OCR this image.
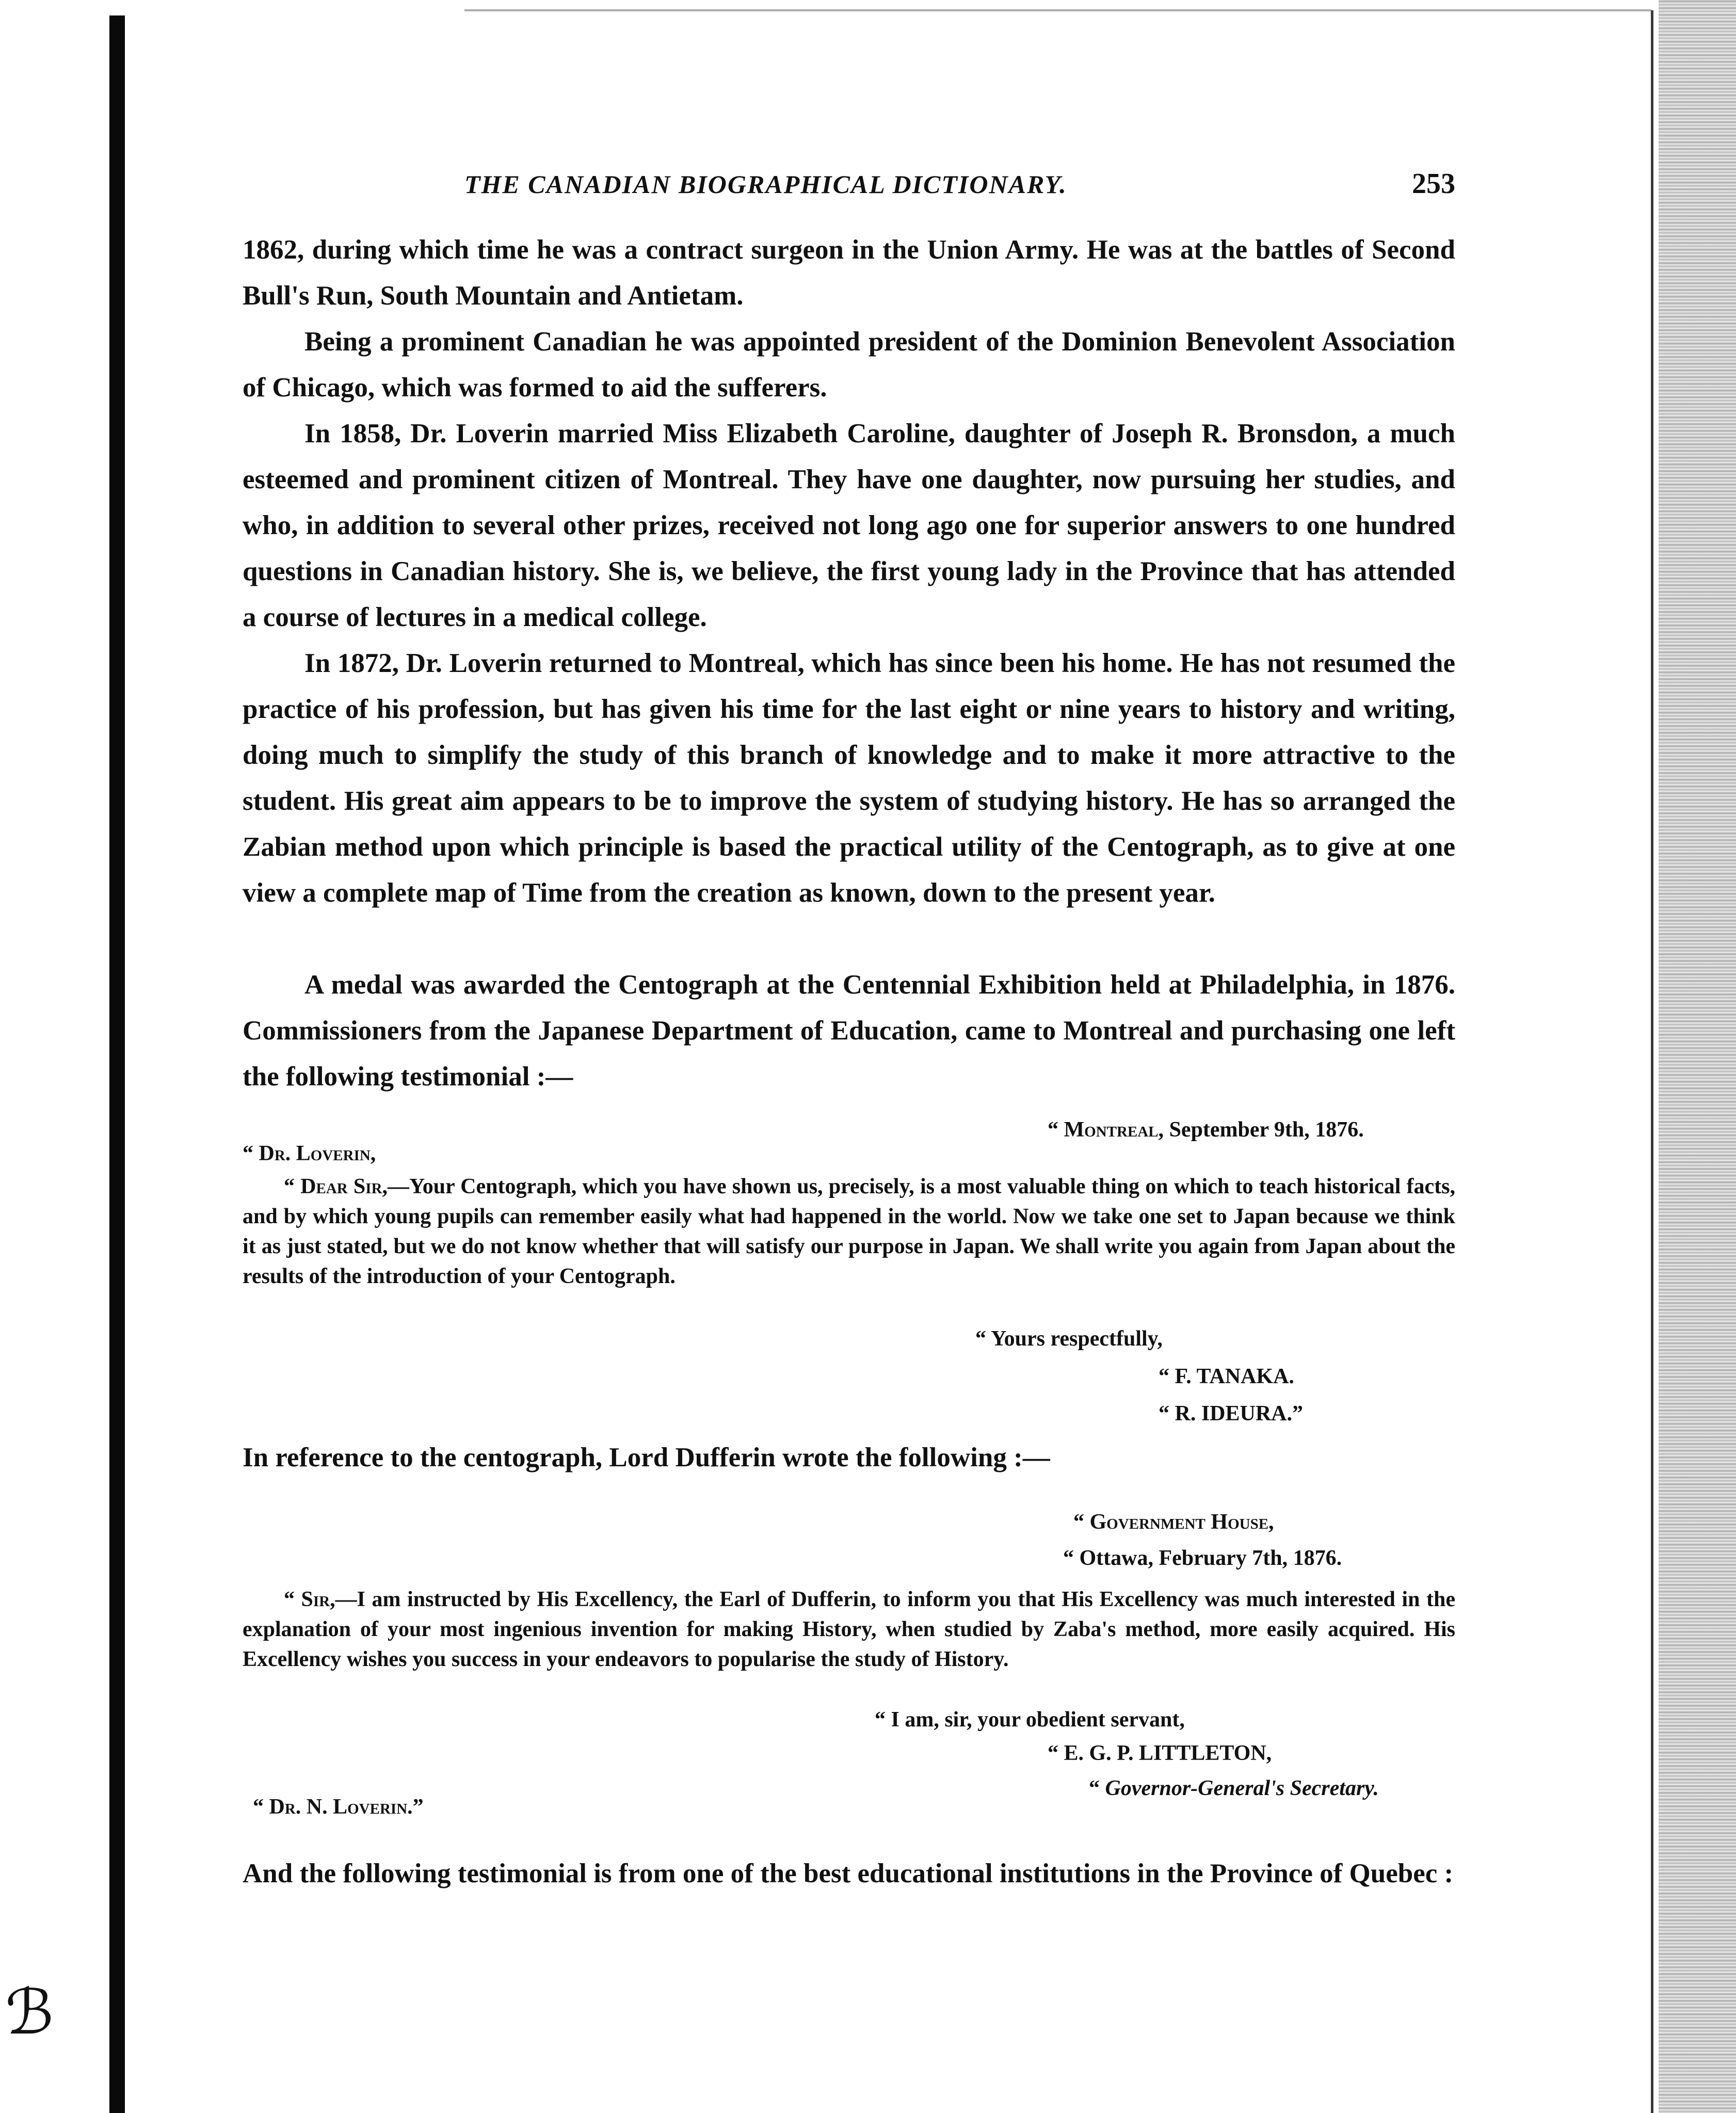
THE CANADIAN BIOGRAPHICAL DICTIONARY.	253
1862, during which time he was a contract surgeon in the Union Army. He was at the battles of Second Bull's Run, South Mountain and Antietam.
Being a prominent Canadian he was appointed president of the Dominion Benevolent Association of Chicago, which was formed to aid the sufferers.
In 1858, Dr. Loverin married Miss Elizabeth Caroline, daughter of Joseph R. Bronsdon, a much esteemed and prominent citizen of Montreal. They have one daughter, now pursuing her studies, and who, in addition to several other prizes, received not long ago one for superior answers to one hundred questions in Canadian history. She is, we believe, the first young lady in the Province that has attended a course of lectures in a medical college.
In 1872, Dr. Loverin returned to Montreal, which has since been his home. He has not resumed the practice of his profession, but has given his time for the last eight or nine years to history and writing, doing much to simplify the study of this branch of knowledge and to make it more attractive to the student. His great aim appears to be to improve the system of studying history. He has so arranged the Zabian method upon which principle is based the practical utility of the Centograph, as to give at one view a complete map of Time from the creation as known, down to the present year.
A medal was awarded the Centograph at the Centennial Exhibition held at Philadelphia, in 1876. Commissioners from the Japanese Department of Education, came to Montreal and purchasing one left the following testimonial :—
“ Montreal, September 9th, 1876.
“ Dr. Loverin,
“ Dear Sir,—Your Centograph, which you have shown us, precisely, is a most valuable thing on which to teach historical facts, and by which young pupils can remember easily what had happened in the world. Now we take one set to Japan because we think it as just stated, but we do not know whether that will satisfy our purpose in Japan. We shall write you again from Japan about the results of the introduction of your Centograph.
“ Yours respectfully,
“ F. TANAKA.
“ R. IDEURA.”
In reference to the centograph, Lord Dufferin wrote the following :—
“ Government House,
“ Ottawa, February 7th, 1876.
“ Sir,—I am instructed by His Excellency, the Earl of Dufferin, to inform you that His Excellency was much interested in the explanation of your most ingenious invention for making History, when studied by Zaba's method, more easily acquired. His Excellency wishes you success in your endeavors to popularise the study of History.
“ I am, sir, your obedient servant,
“ E. G. P. LITTLETON,
“ Governor-General's Secretary.
“ Dr. N. Loverin.”
And the following testimonial is from one of the best educational institutions in the Province of Quebec :
ℬ
